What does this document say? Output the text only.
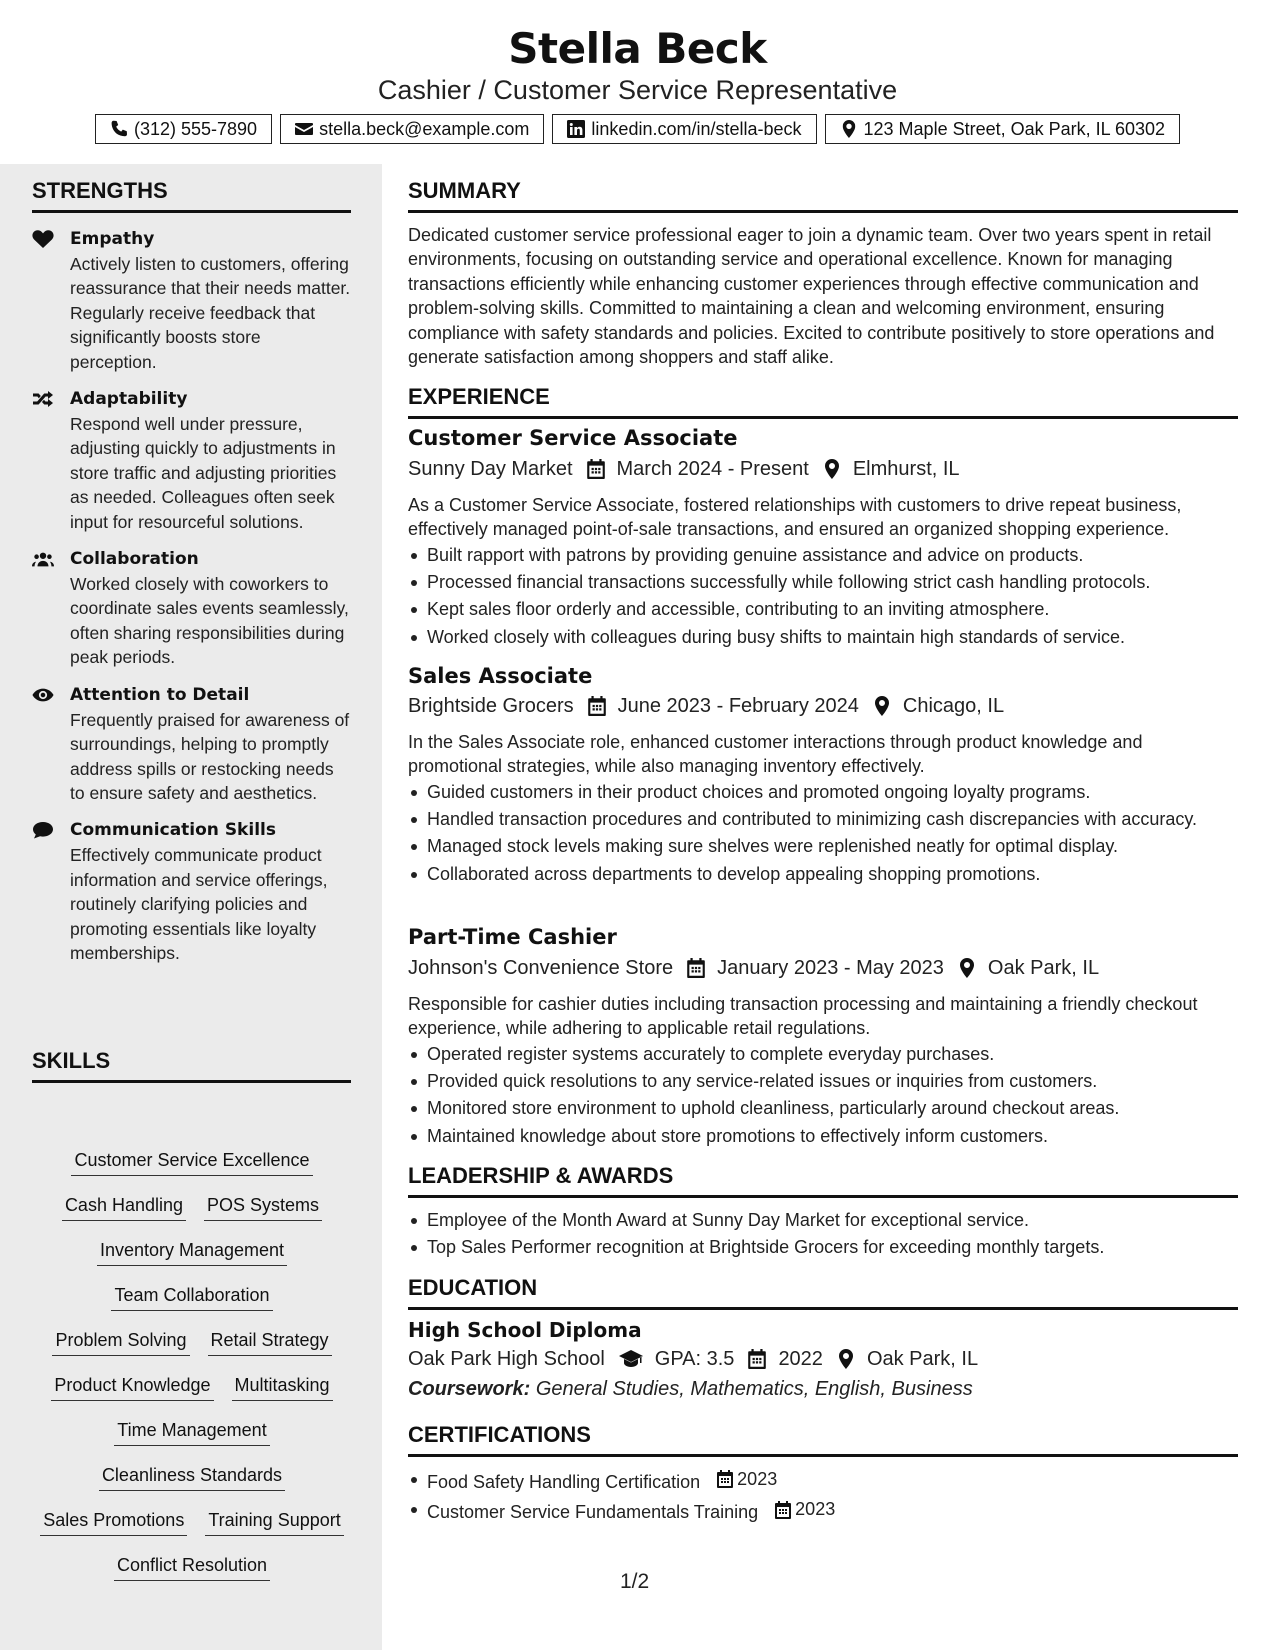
Stella Beck
Cashier / Customer Service Representative
(312) 555-7890	stella.beck@example.com	linkedin.com/in/stella-beck	123 Maple Street, Oak Park, IL 60302
STRENGTHS
Empathy
Actively listen to customers, offering reassurance that their needs matter. Regularly receive feedback that significantly boosts store perception.
Adaptability
Respond well under pressure, adjusting quickly to adjustments in store traffic and adjusting priorities as needed. Colleagues often seek input for resourceful solutions.
Collaboration
Worked closely with coworkers to coordinate sales events seamlessly, often sharing responsibilities during peak periods.
Attention to Detail
Frequently praised for awareness of surroundings, helping to promptly address spills or restocking needs to ensure safety and aesthetics.
Communication Skills
Effectively communicate product information and service offerings, routinely clarifying policies and promoting essentials like loyalty memberships.
SKILLS
Customer Service Excellence
Cash Handling POS Systems
Inventory Management
Team Collaboration
Problem Solving Retail Strategy
Product Knowledge Multitasking
Time Management
Cleanliness Standards
Sales Promotions Training Support
Conflict Resolution
SUMMARY
Dedicated customer service professional eager to join a dynamic team. Over two years spent in retail environments, focusing on outstanding service and operational excellence. Known for managing transactions efficiently while enhancing customer experiences through effective communication and problem-solving skills. Committed to maintaining a clean and welcoming environment, ensuring compliance with safety standards and policies. Excited to contribute positively to store operations and generate satisfaction among shoppers and staff alike.
EXPERIENCE
Customer Service Associate
Sunny Day Market March 2024 - Present Elmhurst, IL
As a Customer Service Associate, fostered relationships with customers to drive repeat business, effectively managed point-of-sale transactions, and ensured an organized shopping experience.
Built rapport with patrons by providing genuine assistance and advice on products.
Processed financial transactions successfully while following strict cash handling protocols.
Kept sales floor orderly and accessible, contributing to an inviting atmosphere.
Worked closely with colleagues during busy shifts to maintain high standards of service.
Sales Associate
Brightside Grocers June 2023 - February 2024 Chicago, IL
In the Sales Associate role, enhanced customer interactions through product knowledge and promotional strategies, while also managing inventory effectively.
Guided customers in their product choices and promoted ongoing loyalty programs.
Handled transaction procedures and contributed to minimizing cash discrepancies with accuracy.
Managed stock levels making sure shelves were replenished neatly for optimal display.
Collaborated across departments to develop appealing shopping promotions.
Part-Time Cashier
Johnson's Convenience Store January 2023 - May 2023 Oak Park, IL
Responsible for cashier duties including transaction processing and maintaining a friendly checkout experience, while adhering to applicable retail regulations.
Operated register systems accurately to complete everyday purchases.
Provided quick resolutions to any service-related issues or inquiries from customers.
Monitored store environment to uphold cleanliness, particularly around checkout areas.
Maintained knowledge about store promotions to effectively inform customers.
LEADERSHIP & AWARDS
Employee of the Month Award at Sunny Day Market for exceptional service.
Top Sales Performer recognition at Brightside Grocers for exceeding monthly targets.
EDUCATION
High School Diploma
Oak Park High School	GPA: 3.5 2022 Oak Park, IL
Coursework: General Studies, Mathematics, English, Business
CERTIFICATIONS
Food Safety Handling Certification 2023
Customer Service Fundamentals Training 2023
1/2
